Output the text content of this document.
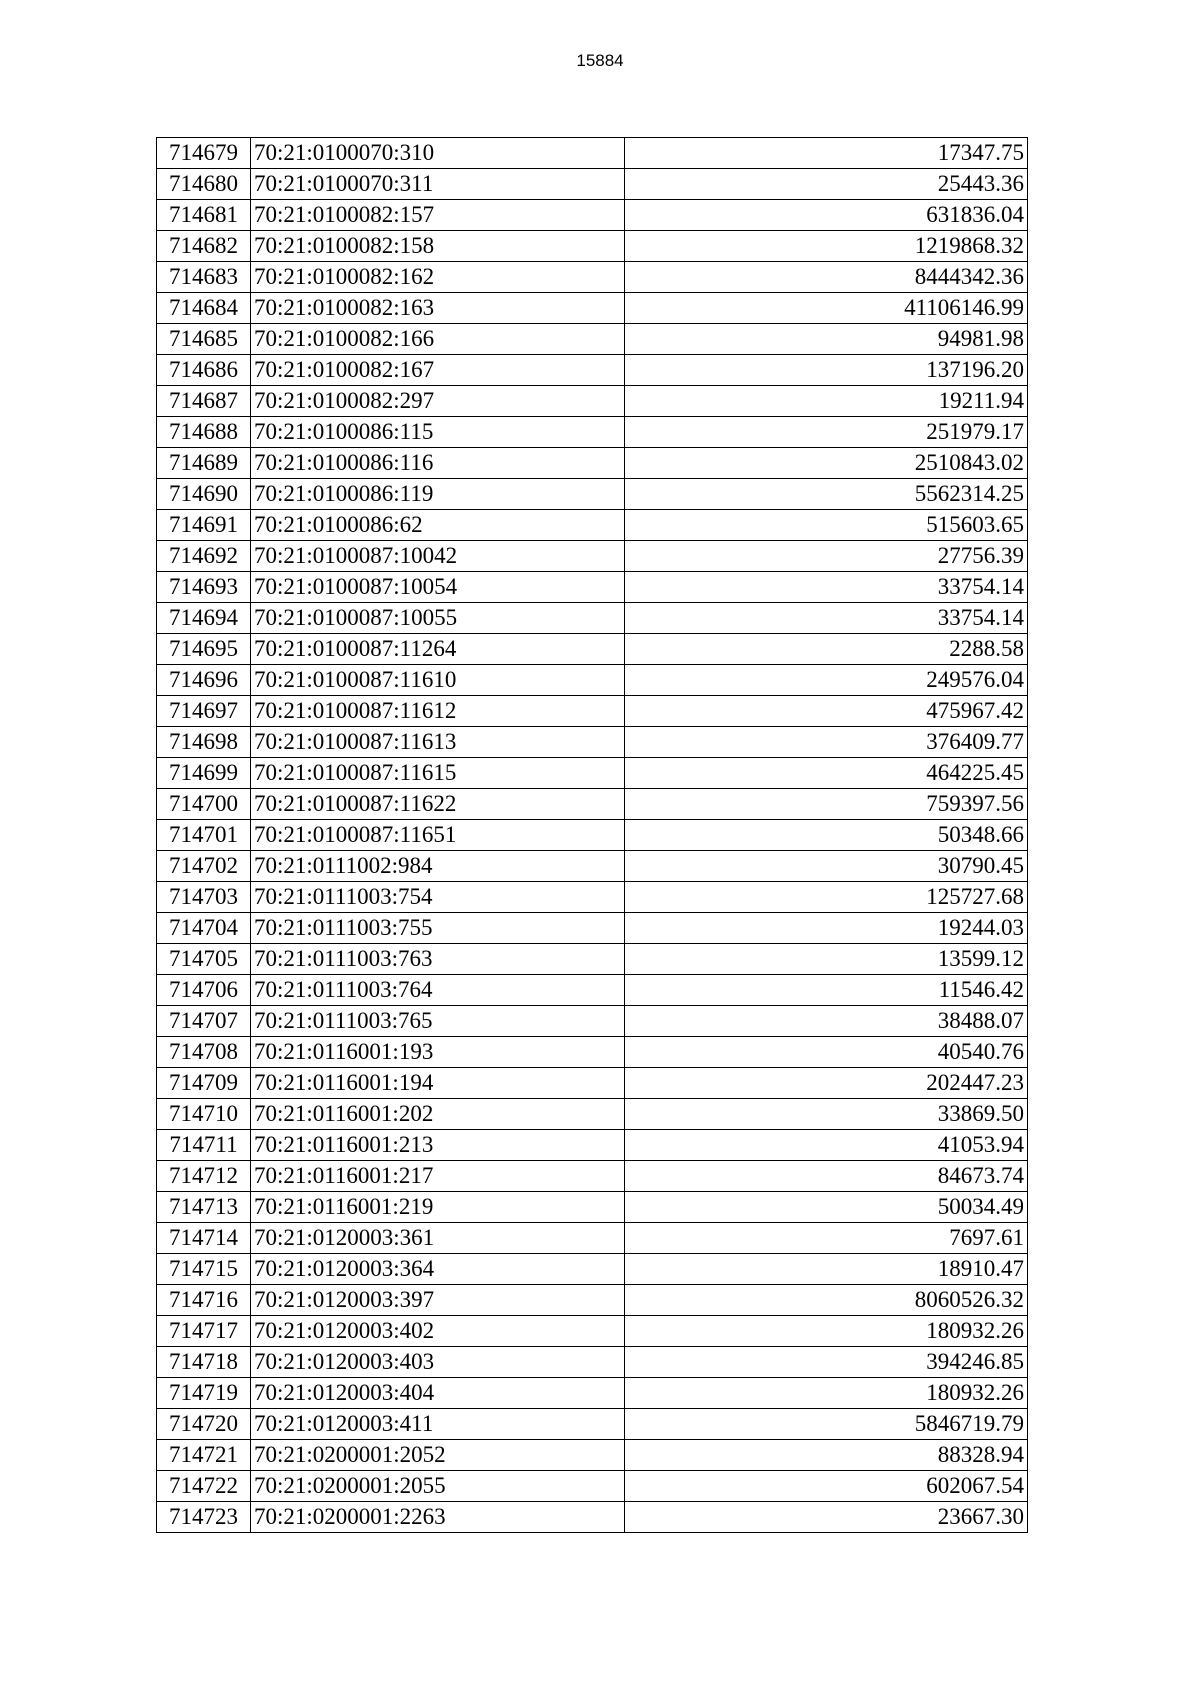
15884
714679	70:21:0100070:310	17347.75
714680	70:21:0100070:311	25443.36
714681	70:21:0100082:157	631836.04
714682	70:21:0100082:158	1219868.32
714683	70:21:0100082:162	8444342.36
714684	70:21:0100082:163	41106146.99
714685	70:21:0100082:166	94981.98
714686	70:21:0100082:167	137196.20
714687	70:21:0100082:297	19211.94
714688	70:21:0100086:115	251979.17
714689	70:21:0100086:116	2510843.02
714690	70:21:0100086:119	5562314.25
714691	70:21:0100086:62	515603.65
714692	70:21:0100087:10042	27756.39
714693	70:21:0100087:10054	33754.14
714694	70:21:0100087:10055	33754.14
714695	70:21:0100087:11264	2288.58
714696	70:21:0100087:11610	249576.04
714697	70:21:0100087:11612	475967.42
714698	70:21:0100087:11613	376409.77
714699	70:21:0100087:11615	464225.45
714700	70:21:0100087:11622	759397.56
714701	70:21:0100087:11651	50348.66
714702	70:21:0111002:984	30790.45
714703	70:21:0111003:754	125727.68
714704	70:21:0111003:755	19244.03
714705	70:21:0111003:763	13599.12
714706	70:21:0111003:764	11546.42
714707	70:21:0111003:765	38488.07
714708	70:21:0116001:193	40540.76
714709	70:21:0116001:194	202447.23
714710	70:21:0116001:202	33869.50
714711	70:21:0116001:213	41053.94
714712	70:21:0116001:217	84673.74
714713	70:21:0116001:219	50034.49
714714	70:21:0120003:361	7697.61
714715	70:21:0120003:364	18910.47
714716	70:21:0120003:397	8060526.32
714717	70:21:0120003:402	180932.26
714718	70:21:0120003:403	394246.85
714719	70:21:0120003:404	180932.26
714720	70:21:0120003:411	5846719.79
714721	70:21:0200001:2052	88328.94
714722	70:21:0200001:2055	602067.54
714723	70:21:0200001:2263	23667.30
